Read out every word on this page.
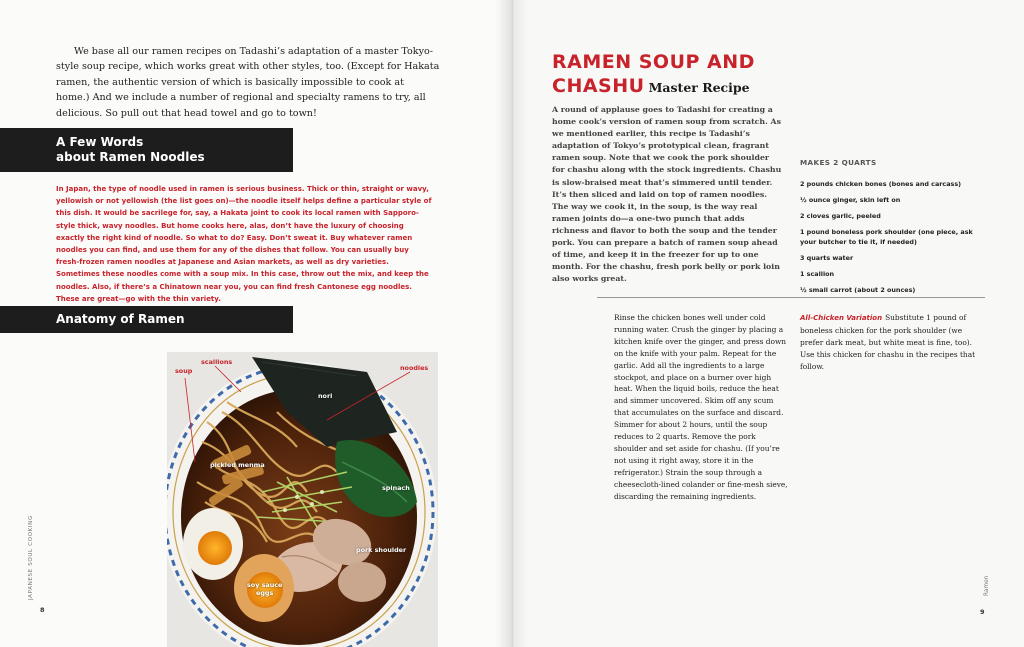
We base all our ramen recipes on Tadashi’s adaptation of a master Tokyo-style soup recipe, which works great with other styles, too. (Except for Hakata ramen, the authentic version of which is basically impossible to cook at home.) And we include a number of regional and specialty ramens to try, all delicious. So pull out that head towel and go to town!

A Few Words
about Ramen Noodles

In Japan, the type of noodle used in ramen is serious business. Thick or thin, straight or wavy, yellowish or not yellowish (the list goes on)—the noodle itself helps define a particular style of this dish. It would be sacrilege for, say, a Hakata joint to cook its local ramen with Sapporo-style thick, wavy noodles. But home cooks here, alas, don’t have the luxury of choosing exactly the right kind of noodle. So what to do? Easy. Don’t sweat it. Buy whatever ramen noodles you can find, and use them for any of the dishes that follow. You can usually buy fresh-frozen ramen noodles at Japanese and Asian markets, as well as dry varieties. Sometimes these noodles come with a soup mix. In this case, throw out the mix, and keep the noodles. Also, if there’s a Chinatown near you, you can find fresh Cantonese egg noodles. These are great—go with the thin variety.

Anatomy of Ramen
soup
scallions
noodles
nori
pickled menma
spinach
pork shoulder
soy sauce
eggs
JAPANESE SOUL COOKING
8
RAMEN SOUP AND
CHASHU Master Recipe

A round of applause goes to Tadashi for creating a home cook’s version of ramen soup from scratch. As we mentioned earlier, this recipe is Tadashi’s adaptation of Tokyo’s prototypical clean, fragrant ramen soup. Note that we cook the pork shoulder for chashu along with the stock ingredients. Chashu is slow-braised meat that’s simmered until tender. It’s then sliced and laid on top of ramen noodles. The way we cook it, in the soup, is the way real ramen joints do—a one-two punch that adds richness and flavor to both the soup and the tender pork. You can prepare a batch of ramen soup ahead of time, and keep it in the freezer for up to one month. For the chashu, fresh pork belly or pork loin also works great.

MAKES 2 QUARTS
2 pounds chicken bones (bones and carcass)
½ ounce ginger, skin left on
2 cloves garlic, peeled
1 pound boneless pork shoulder (one piece, ask your butcher to tie it, if needed)
3 quarts water
1 scallion
½ small carrot (about 2 ounces)

Rinse the chicken bones well under cold running water. Crush the ginger by placing a kitchen knife over the ginger, and press down on the knife with your palm. Repeat for the garlic. Add all the ingredients to a large stockpot, and place on a burner over high heat. When the liquid boils, reduce the heat and simmer uncovered. Skim off any scum that accumulates on the surface and discard. Simmer for about 2 hours, until the soup reduces to 2 quarts. Remove the pork shoulder and set aside for chashu. (If you’re not using it right away, store it in the refrigerator.) Strain the soup through a cheesecloth-lined colander or fine-mesh sieve, discarding the remaining ingredients.

All-Chicken Variation Substitute 1 pound of boneless chicken for the pork shoulder (we prefer dark meat, but white meat is fine, too). Use this chicken for chashu in the recipes that follow.

Ramen
9
